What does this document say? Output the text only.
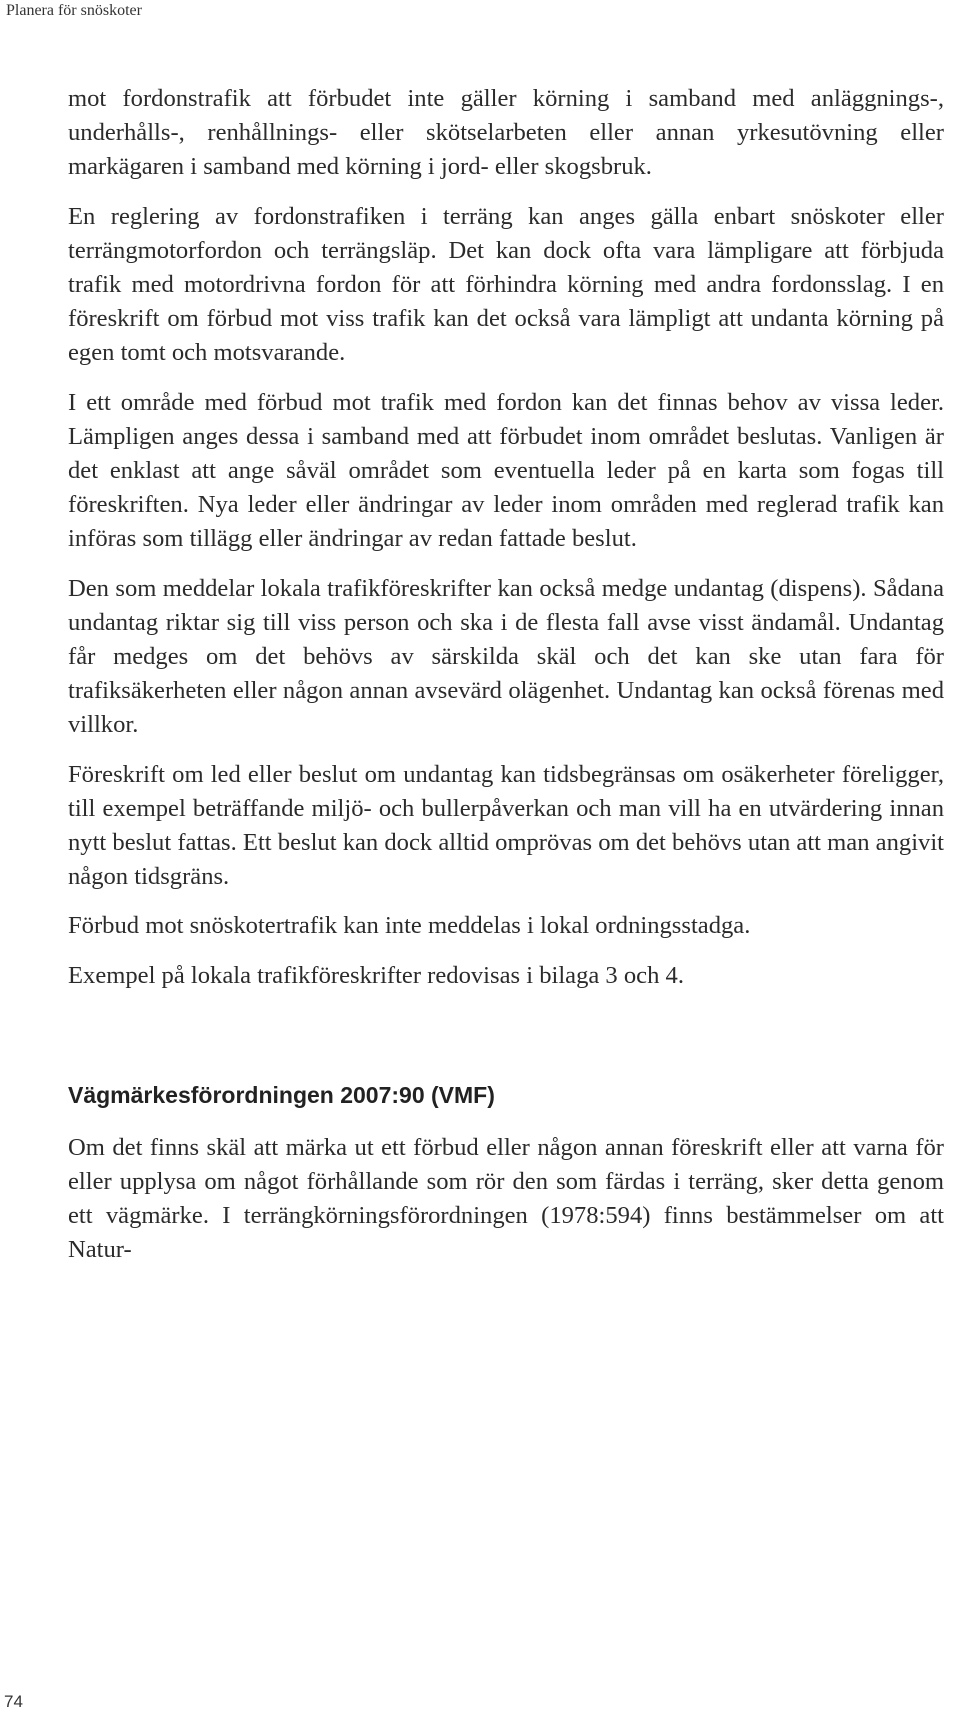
Planera för snöskoter

mot fordonstrafik att förbudet inte gäller körning i samband med anläggnings-, underhålls-, renhållnings- eller skötselarbeten eller annan yrkesutövning eller markägaren i samband med körning i jord- eller skogsbruk.

En reglering av fordonstrafiken i terräng kan anges gälla enbart snöskoter eller terrängmotorfordon och terrängsläp. Det kan dock ofta vara lämpligare att förbjuda trafik med motordrivna fordon för att förhindra körning med andra fordonsslag. I en föreskrift om förbud mot viss trafik kan det också vara lämpligt att undanta körning på egen tomt och motsvarande.

I ett område med förbud mot trafik med fordon kan det finnas behov av vissa leder. Lämpligen anges dessa i samband med att förbudet inom området beslutas. Vanligen är det enklast att ange såväl området som eventuella leder på en karta som fogas till föreskriften. Nya leder eller ändringar av leder inom områden med reglerad trafik kan införas som tillägg eller ändringar av redan fattade beslut.

Den som meddelar lokala trafikföreskrifter kan också medge undantag (dispens). Sådana undantag riktar sig till viss person och ska i de flesta fall avse visst ändamål. Undantag får medges om det behövs av särskilda skäl och det kan ske utan fara för trafiksäkerheten eller någon annan avsevärd olägenhet. Undantag kan också förenas med villkor.

Föreskrift om led eller beslut om undantag kan tidsbegränsas om osäkerheter föreligger, till exempel beträffande miljö- och bullerpåverkan och man vill ha en utvärdering innan nytt beslut fattas. Ett beslut kan dock alltid omprövas om det behövs utan att man angivit någon tidsgräns.

Förbud mot snöskotertrafik kan inte meddelas i lokal ordningsstadga.

Exempel på lokala trafikföreskrifter redovisas i bilaga 3 och 4.

Vägmärkesförordningen 2007:90 (VMF)

Om det finns skäl att märka ut ett förbud eller någon annan föreskrift eller att varna för eller upplysa om något förhållande som rör den som färdas i terräng, sker detta genom ett vägmärke. I terrängkörningsförordningen (1978:594) finns bestämmelser om att Natur-

74
